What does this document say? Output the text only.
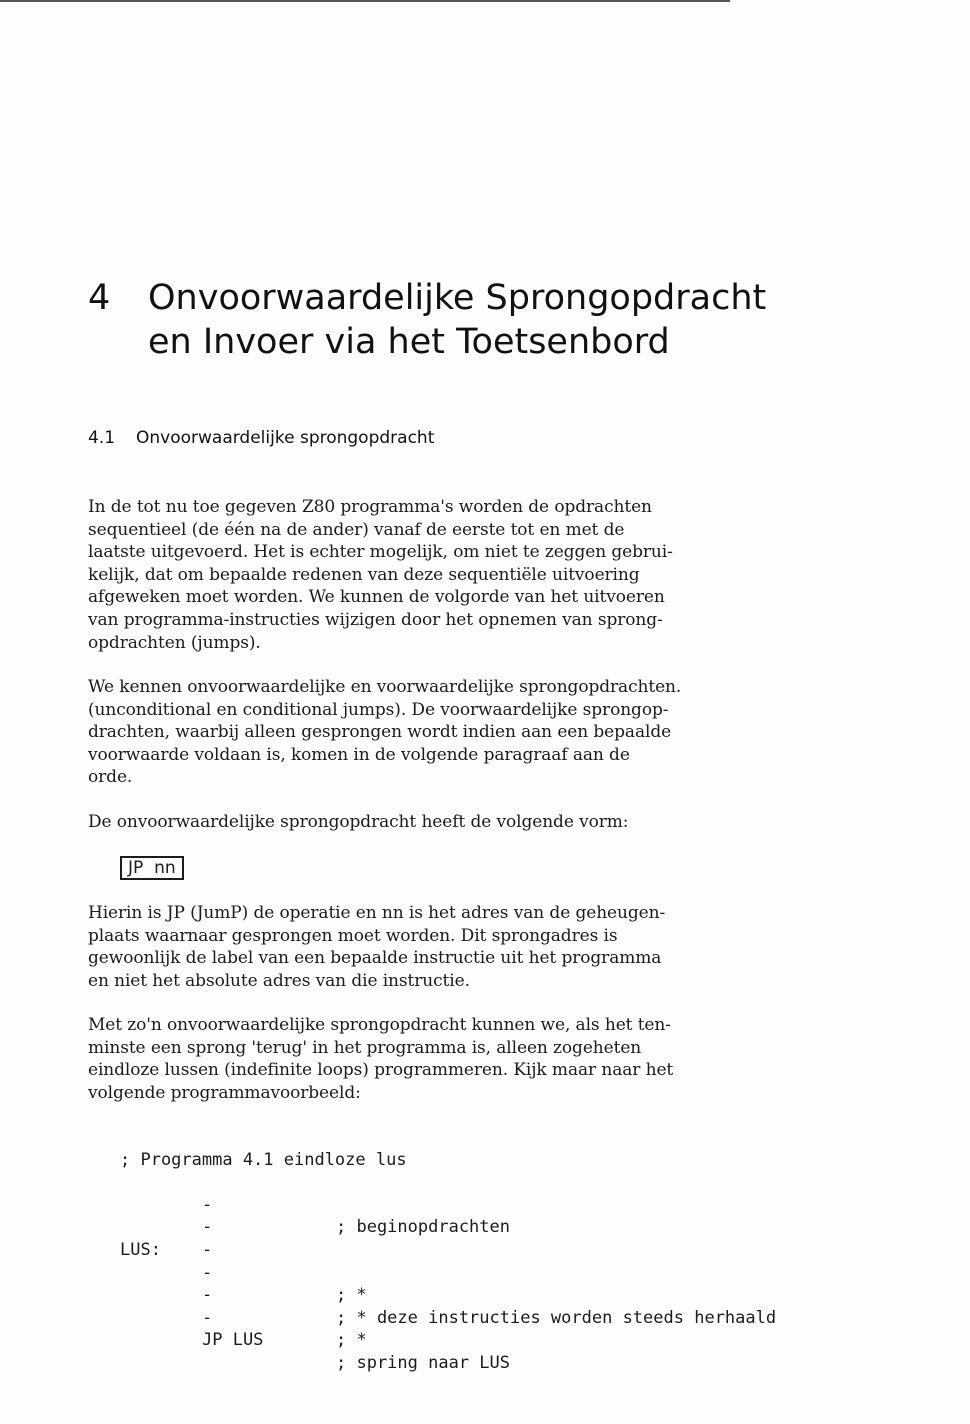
4 Onvoorwaardelijke Sprongopdracht
en Invoer via het Toetsenbord
4.1 Onvoorwaardelijke sprongopdracht

In de tot nu toe gegeven Z80 programma's worden de opdrachten
sequentieel (de één na de ander) vanaf de eerste tot en met de
laatste uitgevoerd. Het is echter mogelijk, om niet te zeggen gebrui-
kelijk, dat om bepaalde redenen van deze sequentiële uitvoering
afgeweken moet worden. We kunnen de volgorde van het uitvoeren
van programma-instructies wijzigen door het opnemen van sprong-
opdrachten (jumps).

We kennen onvoorwaardelijke en voorwaardelijke sprongopdrachten.
(unconditional en conditional jumps). De voorwaardelijke sprongop-
drachten, waarbij alleen gesprongen wordt indien aan een bepaalde
voorwaarde voldaan is, komen in de volgende paragraaf aan de
orde.

De onvoorwaardelijke sprongopdracht heeft de volgende vorm:

JP  nn

Hierin is JP (JumP) de operatie en nn is het adres van de geheugen-
plaats waarnaar gesprongen moet worden. Dit sprongadres is
gewoonlijk de label van een bepaalde instructie uit het programma
en niet het absolute adres van die instructie.

Met zo'n onvoorwaardelijke sprongopdracht kunnen we, als het ten-
minste een sprong 'terug' in het programma is, alleen zogeheten
eindloze lussen (indefinite loops) programmeren. Kijk maar naar het
volgende programmavoorbeeld:

; Programma 4.1 eindloze lus

-

; beginopdrachten

-

-

LUS:

-

; *

-

; * deze instructies worden steeds herhaald

-

; *

JP LUS

; spring naar LUS
